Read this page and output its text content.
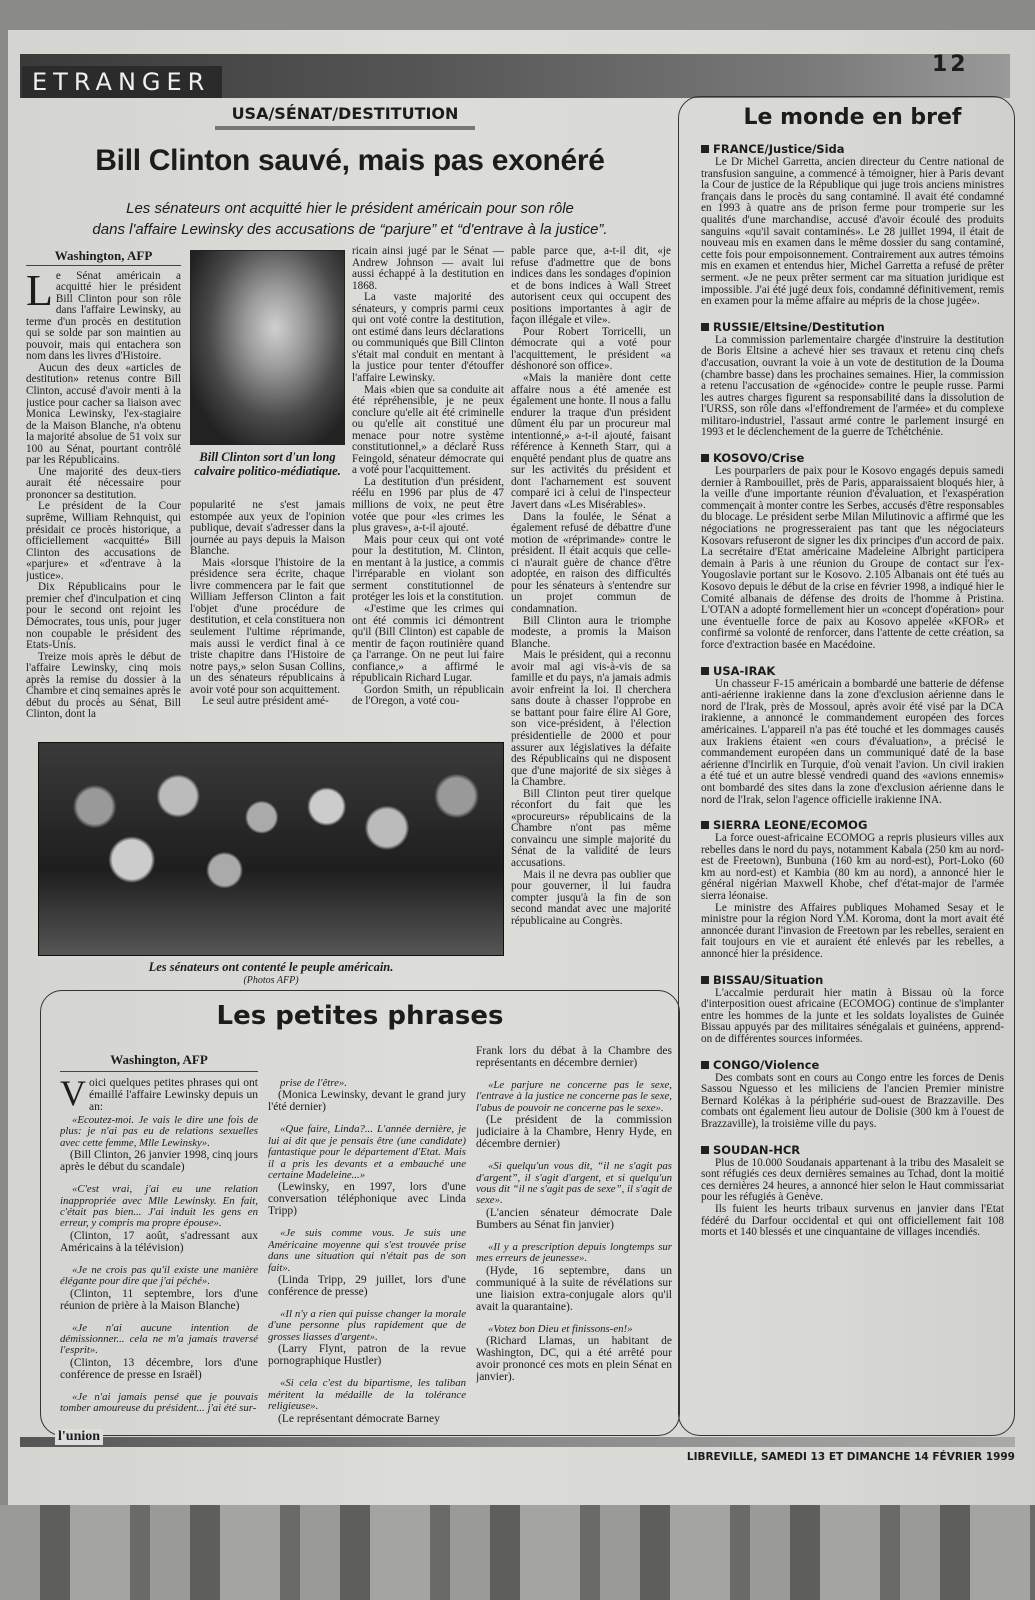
ETRANGER
12
USA/SÉNAT/DESTITUTION
Bill Clinton sauvé, mais pas exonéré
Les sénateurs ont acquitté hier le président américain pour son rôle
dans l'affaire Lewinsky des accusations de “parjure” et “d'entrave à la justice”.
Washington, AFP

Le Sénat américain a acquitté hier le président Bill Clinton pour son rôle dans l'affaire Lewinsky, au terme d'un procès en destitution qui se solde par son maintien au pouvoir, mais qui entachera son nom dans les livres d'Histoire.

Aucun des deux «articles de destitution» retenus contre Bill Clinton, accusé d'avoir menti à la justice pour cacher sa liaison avec Monica Lewinsky, l'ex-stagiaire de la Maison Blanche, n'a obtenu la majorité absolue de 51 voix sur 100 au Sénat, pourtant contrôlé par les Républicains.

Une majorité des deux-tiers aurait été nécessaire pour prononcer sa destitution.

Le président de la Cour suprême, William Rehnquist, qui présidait ce procès historique, a officiellement «acquitté» Bill Clinton des accusations de «parjure» et «d'entrave à la justice».

Dix Républicains pour le premier chef d'inculpation et cinq pour le second ont rejoint les Démocrates, tous unis, pour juger non coupable le président des Etats-Unis.

Treize mois après le début de l'affaire Lewinsky, cinq mois après la remise du dossier à la Chambre et cinq semaines après le début du procès au Sénat, Bill Clinton, dont la

Bill Clinton sort d'un long calvaire politico-médiatique.

popularité ne s'est jamais estompée aux yeux de l'opinion publique, devait s'adresser dans la journée au pays depuis la Maison Blanche.

Mais «lorsque l'histoire de la présidence sera écrite, chaque livre commencera par le fait que William Jefferson Clinton a fait l'objet d'une procédure de destitution, et cela constituera non seulement l'ultime réprimande, mais aussi le verdict final à ce triste chapitre dans l'Histoire de notre pays,» selon Susan Collins, un des sénateurs républicains à avoir voté pour son acquittement.

Le seul autre président amé-

ricain ainsi jugé par le Sénat — Andrew Johnson — avait lui aussi échappé à la destitution en 1868.

La vaste majorité des sénateurs, y compris parmi ceux qui ont voté contre la destitution, ont estimé dans leurs déclarations ou communiqués que Bill Clinton s'était mal conduit en mentant à la justice pour tenter d'étouffer l'affaire Lewinsky.

Mais «bien que sa conduite ait été répréhensible, je ne peux conclure qu'elle ait été criminelle ou qu'elle ait constitué une menace pour notre système constitutionnel,» a déclaré Russ Feingold, sénateur démocrate qui a voté pour l'acquittement.

La destitution d'un président, réélu en 1996 par plus de 47 millions de voix, ne peut être votée que pour «les crimes les plus graves», a-t-il ajouté.

Mais pour ceux qui ont voté pour la destitution, M. Clinton, en mentant à la justice, a commis l'irréparable en violant son serment constitutionnel de protéger les lois et la constitution.

«J'estime que les crimes qui ont été commis ici démontrent qu'il (Bill Clinton) est capable de mentir de façon routinière quand ça l'arrange. On ne peut lui faire confiance,» a affirmé le républicain Richard Lugar.

Gordon Smith, un républicain de l'Oregon, a voté cou-

pable parce que, a-t-il dit, «je refuse d'admettre que de bons indices dans les sondages d'opinion et de bons indices à Wall Street autorisent ceux qui occupent des positions importantes à agir de façon illégale et vile».

Pour Robert Torricelli, un démocrate qui a voté pour l'acquittement, le président «a déshonoré son office».

«Mais la manière dont cette affaire nous a été amenée est également une honte. Il nous a fallu endurer la traque d'un président dûment élu par un procureur mal intentionné,» a-t-il ajouté, faisant référence à Kenneth Starr, qui a enquêté pendant plus de quatre ans sur les activités du président et dont l'acharnement est souvent comparé ici à celui de l'inspecteur Javert dans «Les Misérables».

Dans la foulée, le Sénat a également refusé de débattre d'une motion de «réprimande» contre le président. Il était acquis que celle-ci n'aurait guère de chance d'être adoptée, en raison des difficultés pour les sénateurs à s'entendre sur un projet commun de condamnation.

Bill Clinton aura le triomphe modeste, a promis la Maison Blanche.

Mais le président, qui a reconnu avoir mal agi vis-à-vis de sa famille et du pays, n'a jamais admis avoir enfreint la loi. Il cherchera sans doute à chasser l'opprobe en se battant pour faire élire Al Gore, son vice-président, à l'élection présidentielle de 2000 et pour assurer aux législatives la défaite des Républicains qui ne disposent que d'une majorité de six sièges à la Chambre.

Bill Clinton peut tirer quelque réconfort du fait que les «procureurs» républicains de la Chambre n'ont pas même convaincu une simple majorité du Sénat de la validité de leurs accusations.

Mais il ne devra pas oublier que pour gouverner, il lui faudra compter jusqu'à la fin de son second mandat avec une majorité républicaine au Congrès.

Les sénateurs ont contenté le peuple américain.
(Photos AFP)
Le monde en bref
FRANCE/Justice/Sida

Le Dr Michel Garretta, ancien directeur du Centre national de transfusion sanguine, a commencé à témoigner, hier à Paris devant la Cour de justice de la République qui juge trois anciens ministres français dans le procès du sang contaminé. Il avait été condamné en 1993 à quatre ans de prison ferme pour tromperie sur les qualités d'une marchandise, accusé d'avoir écoulé des produits sanguins «qu'il savait contaminés». Le 28 juillet 1994, il était de nouveau mis en examen dans le même dossier du sang contaminé, cette fois pour empoisonnement. Contrairement aux autres témoins mis en examen et entendus hier, Michel Garretta a refusé de prêter serment. «Je ne peux prêter serment car ma situation juridique est impossible. J'ai été jugé deux fois, condamné définitivement, remis en examen pour la même affaire au mépris de la chose jugée».

RUSSIE/Eltsine/Destitution

La commission parlementaire chargée d'instruire la destitution de Boris Eltsine a achevé hier ses travaux et retenu cinq chefs d'accusation, ouvrant la voie à un vote de destitution de la Douma (chambre basse) dans les prochaines semaines. Hier, la commission a retenu l'accusation de «génocide» contre le peuple russe. Parmi les autres charges figurent sa responsabilité dans la dissolution de l'URSS, son rôle dans «l'effondrement de l'armée» et du complexe militaro-industriel, l'assaut armé contre le parlement insurgé en 1993 et le déclenchement de la guerre de Tchétchénie.

KOSOVO/Crise

Les pourparlers de paix pour le Kosovo engagés depuis samedi dernier à Rambouillet, près de Paris, apparaissaient bloqués hier, à la veille d'une importante réunion d'évaluation, et l'exaspération commençait à monter contre les Serbes, accusés d'être responsables du blocage. Le président serbe Milan Milutinovic a affirmé que les négociations ne progresseraient pas tant que les négociateurs Kosovars refuseront de signer les dix principes d'un accord de paix. La secrétaire d'Etat américaine Madeleine Albright participera demain à Paris à une réunion du Groupe de contact sur l'ex-Yougoslavie portant sur le Kosovo. 2.105 Albanais ont été tués au Kosovo depuis le début de la crise en février 1998, a indiqué hier le Comité albanais de défense des droits de l'homme à Pristina. L'OTAN a adopté formellement hier un «concept d'opération» pour une éventuelle force de paix au Kosovo appelée «KFOR» et confirmé sa volonté de renforcer, dans l'attente de cette création, sa force d'extraction basée en Macédoine.

USA-IRAK

Un chasseur F-15 américain a bombardé une batterie de défense anti-aérienne irakienne dans la zone d'exclusion aérienne dans le nord de l'Irak, près de Mossoul, après avoir été visé par la DCA irakienne, a annoncé le commandement européen des forces américaines. L'appareil n'a pas été touché et les dommages causés aux Irakiens étaient «en cours d'évaluation», a précisé le commandement européen dans un communiqué daté de la base aérienne d'Incirlik en Turquie, d'où venait l'avion. Un civil irakien a été tué et un autre blessé vendredi quand des «avions ennemis» ont bombardé des sites dans la zone d'exclusion aérienne dans le nord de l'Irak, selon l'agence officielle irakienne INA.

SIERRA LEONE/ECOMOG

La force ouest-africaine ECOMOG a repris plusieurs villes aux rebelles dans le nord du pays, notamment Kabala (250 km au nord-est de Freetown), Bunbuna (160 km au nord-est), Port-Loko (60 km au nord-est) et Kambia (80 km au nord), a annoncé hier le général nigérian Maxwell Khobe, chef d'état-major de l'armée sierra léonaise.

Le ministre des Affaires publiques Mohamed Sesay et le ministre pour la région Nord Y.M. Koroma, dont la mort avait été annoncée durant l'invasion de Freetown par les rebelles, seraient en fait toujours en vie et auraient été enlevés par les rebelles, a annoncé hier la présidence.

BISSAU/Situation

L'accalmie perdurait hier matin à Bissau où la force d'interposition ouest africaine (ECOMOG) continue de s'implanter entre les hommes de la junte et les soldats loyalistes de Guinée Bissau appuyés par des militaires sénégalais et guinéens, apprend-on de différentes sources informées.

CONGO/Violence

Des combats sont en cours au Congo entre les forces de Denis Sassou Nguesso et les miliciens de l'ancien Premier ministre Bernard Kolékas à la périphérie sud-ouest de Brazzaville. Des combats ont également lieu autour de Dolisie (300 km à l'ouest de Brazzaville), la troisième ville du pays.

SOUDAN-HCR

Plus de 10.000 Soudanais appartenant à la tribu des Masaleit se sont réfugiés ces deux dernières semaines au Tchad, dont la moitié ces dernières 24 heures, a annoncé hier selon le Haut commissariat pour les réfugiés à Genève.

Ils fuient les heurts tribaux survenus en janvier dans l'Etat fédéré du Darfour occidental et qui ont officiellement fait 108 morts et 140 blessés et une cinquantaine de villages incendiés.

Les petites phrases
Washington, AFP

Voici quelques petites phrases qui ont émaillé l'affaire Lewinsky depuis un an:

«Ecoutez-moi. Je vais le dire une fois de plus: je n'ai pas eu de relations sexuelles avec cette femme, Mlle Lewinsky».

(Bill Clinton, 26 janvier 1998, cinq jours après le début du scandale)

«C'est vrai, j'ai eu une relation inappropriée avec Mlle Lewinsky. En fait, c'était pas bien... J'ai induit les gens en erreur, y compris ma propre épouse».

(Clinton, 17 août, s'adressant aux Américains à la télévision)

«Je ne crois pas qu'il existe une manière élégante pour dire que j'ai péché».

(Clinton, 11 septembre, lors d'une réunion de prière à la Maison Blanche)

«Je n'ai aucune intention de démissionner... cela ne m'a jamais traversé l'esprit».

(Clinton, 13 décembre, lors d'une conférence de presse en Israël)

«Je n'ai jamais pensé que je pouvais tomber amoureuse du président... j'ai été sur-

prise de l'être».

(Monica Lewinsky, devant le grand jury l'été dernier)

«Que faire, Linda?... L'année dernière, je lui ai dit que je pensais être (une candidate) fantastique pour le département d'Etat. Mais il a pris les devants et a embauché une certaine Madeleine...»

(Lewinsky, en 1997, lors d'une conversation téléphonique avec Linda Tripp)

«Je suis comme vous. Je suis une Américaine moyenne qui s'est trouvée prise dans une situation qui n'était pas de son fait».

(Linda Tripp, 29 juillet, lors d'une conférence de presse)

«Il n'y a rien qui puisse changer la morale d'une personne plus rapidement que de grosses liasses d'argent».

(Larry Flynt, patron de la revue pornographique Hustler)

«Si cela c'est du bipartisme, les taliban méritent la médaille de la tolérance religieuse».

(Le représentant démocrate Barney

Frank lors du débat à la Chambre des représentants en décembre dernier)

«Le parjure ne concerne pas le sexe, l'entrave à la justice ne concerne pas le sexe, l'abus de pouvoir ne concerne pas le sexe».

(Le président de la commission judiciaire à la Chambre, Henry Hyde, en décembre dernier)

«Si quelqu'un vous dit, “il ne s'agit pas d'argent”, il s'agit d'argent, et si quelqu'un vous dit “il ne s'agit pas de sexe”, il s'agit de sexe».

(L'ancien sénateur démocrate Dale Bumbers au Sénat fin janvier)

«Il y a prescription depuis longtemps sur mes erreurs de jeunesse».

(Hyde, 16 septembre, dans un communiqué à la suite de révélations sur une liaision extra-conjugale alors qu'il avait la quarantaine).

«Votez bon Dieu et finissons-en!»

(Richard Llamas, un habitant de Washington, DC, qui a été arrêté pour avoir prononcé ces mots en plein Sénat en janvier).

l'union
LIBREVILLE, SAMEDI 13 ET DIMANCHE 14 FÉVRIER 1999
